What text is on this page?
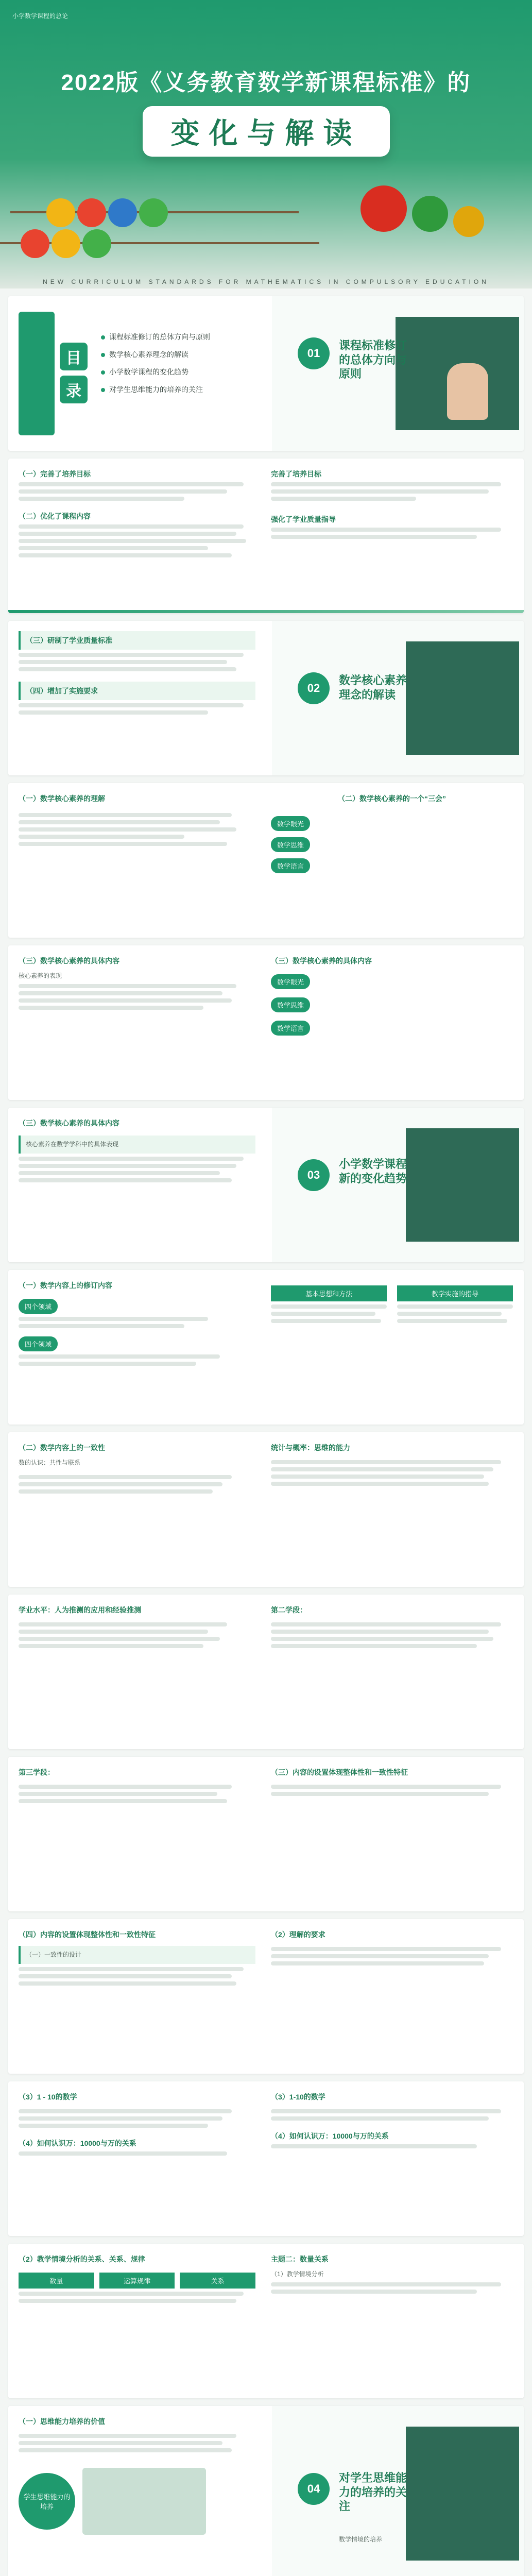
小学数学课程的总论
2022版《义务教育数学新课程标准》的
变化与解读
NEW CURRICULUM STANDARDS FOR MATHEMATICS IN COMPULSORY EDUCATION
目
录
课程标准修订的总体方向与原则
数学核心素养理念的解读
小学数学课程的变化趋势
对学生思维能力的培养的关注
01
课程标准修订的总体方向与原则
（一）完善了培养目标
（二）优化了课程内容
完善了培养目标
强化了学业质量指导
（三）研制了学业质量标准
（四）增加了实施要求	02
数学核心素养理念的解读
（一）数学核心素养的理解	（二）数学核心素养的一个“三会”
数学眼光
数学思维
数学语言
（三）数学核心素养的具体内容
核心素养的表现
（三）数学核心素养的具体内容
数学眼光
数学思维
数学语言
（三）数学核心素养的具体内容
核心素养在数学学科中的具体表现
03
小学数学课程新的变化趋势
（一）数学内容上的修订内容
四个领域
四个领域
基本思想和方法	教学实施的指导
（二）数学内容上的一致性
数的认识：共性与联系
统计与概率：思维的能力
学业水平：人为推测的应用和经验推测	第二学段：
第三学段：	（三）内容的设置体现整体性和一致性特征
（四）内容的设置体现整体性和一致性特征
（一）一致性的设计
（2）理解的要求
（3）1 - 10的数学
（4）如何认识万：10000与万的关系
（3）1-10的数学
（4）如何认识万：10000与万的关系
（2）教学情境分析的关系、关系、规律
数量	运算规律	关系
主题二：数量关系
（1）教学情境分析
（一）思维能力培养的价值
学生思维能力的培养
04
对学生思维能力的培养的关注
数学情境的培养
